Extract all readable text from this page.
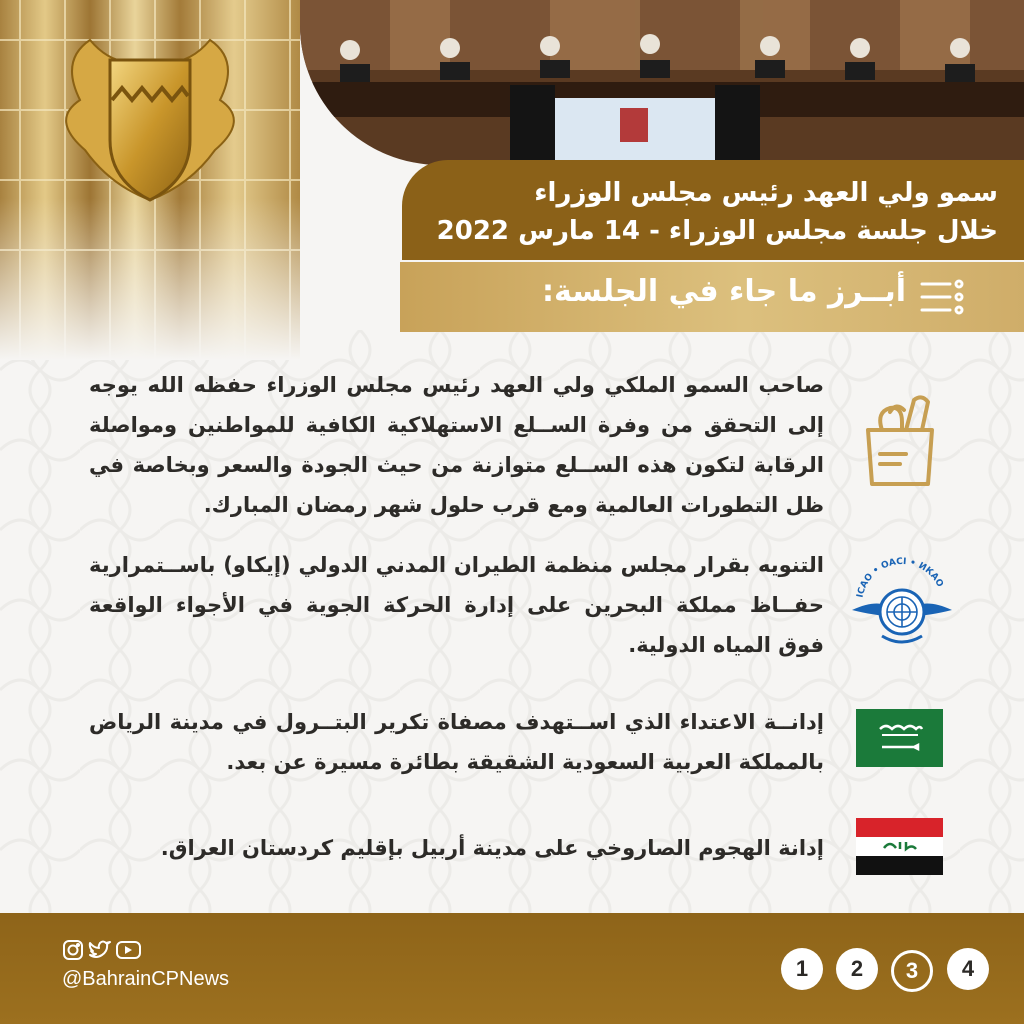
سمو ولي العهد رئيس مجلس الوزراء
خلال جلسة مجلس الوزراء - 14 مارس 2022
أبــرز ما جاء في الجلسة:
صاحب السمو الملكي ولي العهد رئيس مجلس الوزراء حفظه الله يوجه إلى التحقق من وفرة الســلع الاستهلاكية الكافية للمواطنين ومواصلة الرقابة لتكون هذه الســلع متوازنة من حيث الجودة والسعر وبخاصة في ظل التطورات العالمية ومع قرب حلول شهر رمضان المبارك.
ICAO • OACI • ИКАО
التنويه بقرار مجلس منظمة الطيران المدني الدولي (إيكاو) باســتمرارية حفــاظ مملكة البحرين على إدارة الحركة الجوية في الأجواء الواقعة فوق المياه الدولية.
إدانــة الاعتداء الذي اســتهدف مصفاة تكرير البتــرول في مدينة الرياض بالمملكة العربية السعودية الشقيقة بطائرة مسيرة عن بعد.
إدانة الهجوم الصاروخي على مدينة أربيل بإقليم كردستان العراق.
@BahrainCPNews	1	2	3	4
